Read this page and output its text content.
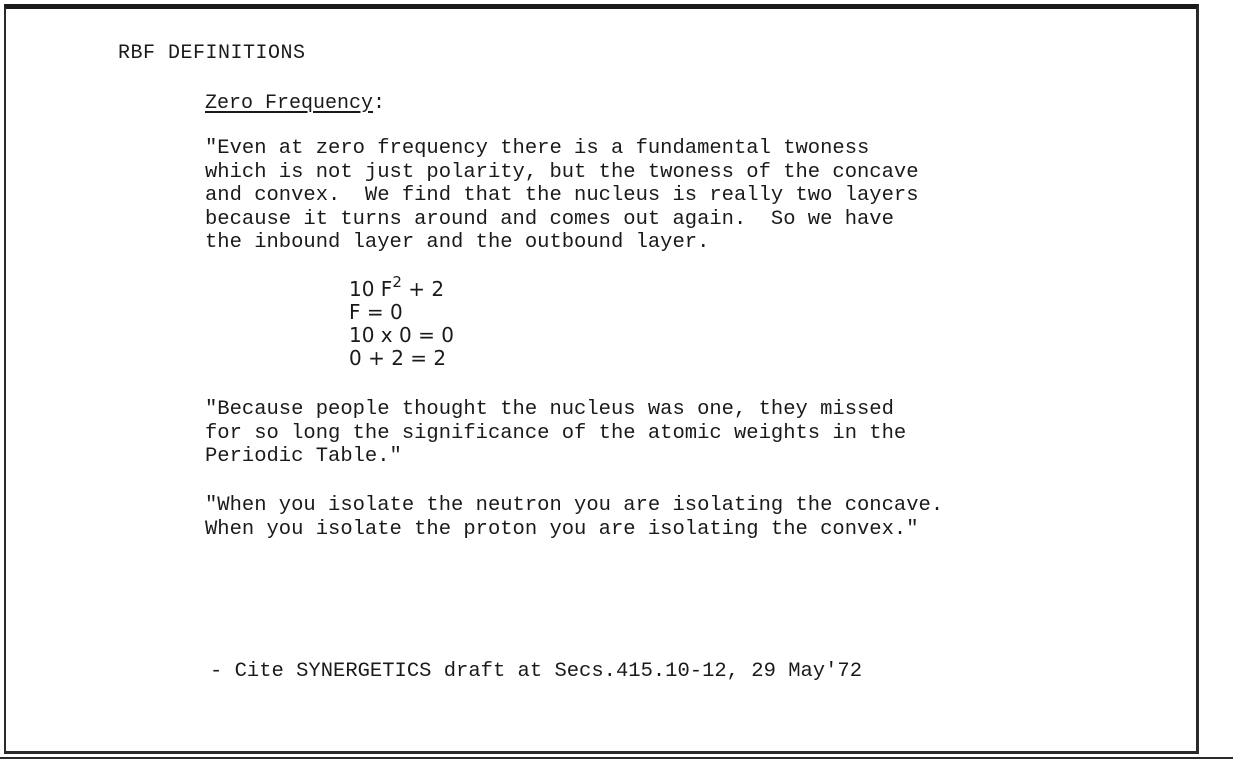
RBF DEFINITIONS
Zero Frequency:
"Even at zero frequency there is a fundamental twoness
which is not just polarity, but the twoness of the concave
and convex.  We find that the nucleus is really two layers
because it turns around and comes out again.  So we have
the inbound layer and the outbound layer.
10 $F^2 + 2$
F = 0
10 x 0 = 0
0 + 2 = 2
"Because people thought the nucleus was one, they missed
for so long the significance of the atomic weights in the
Periodic Table."
"When you isolate the neutron you are isolating the concave.
When you isolate the proton you are isolating the convex."
- Cite SYNERGETICS draft at Secs.415.10-12, 29 May'72
